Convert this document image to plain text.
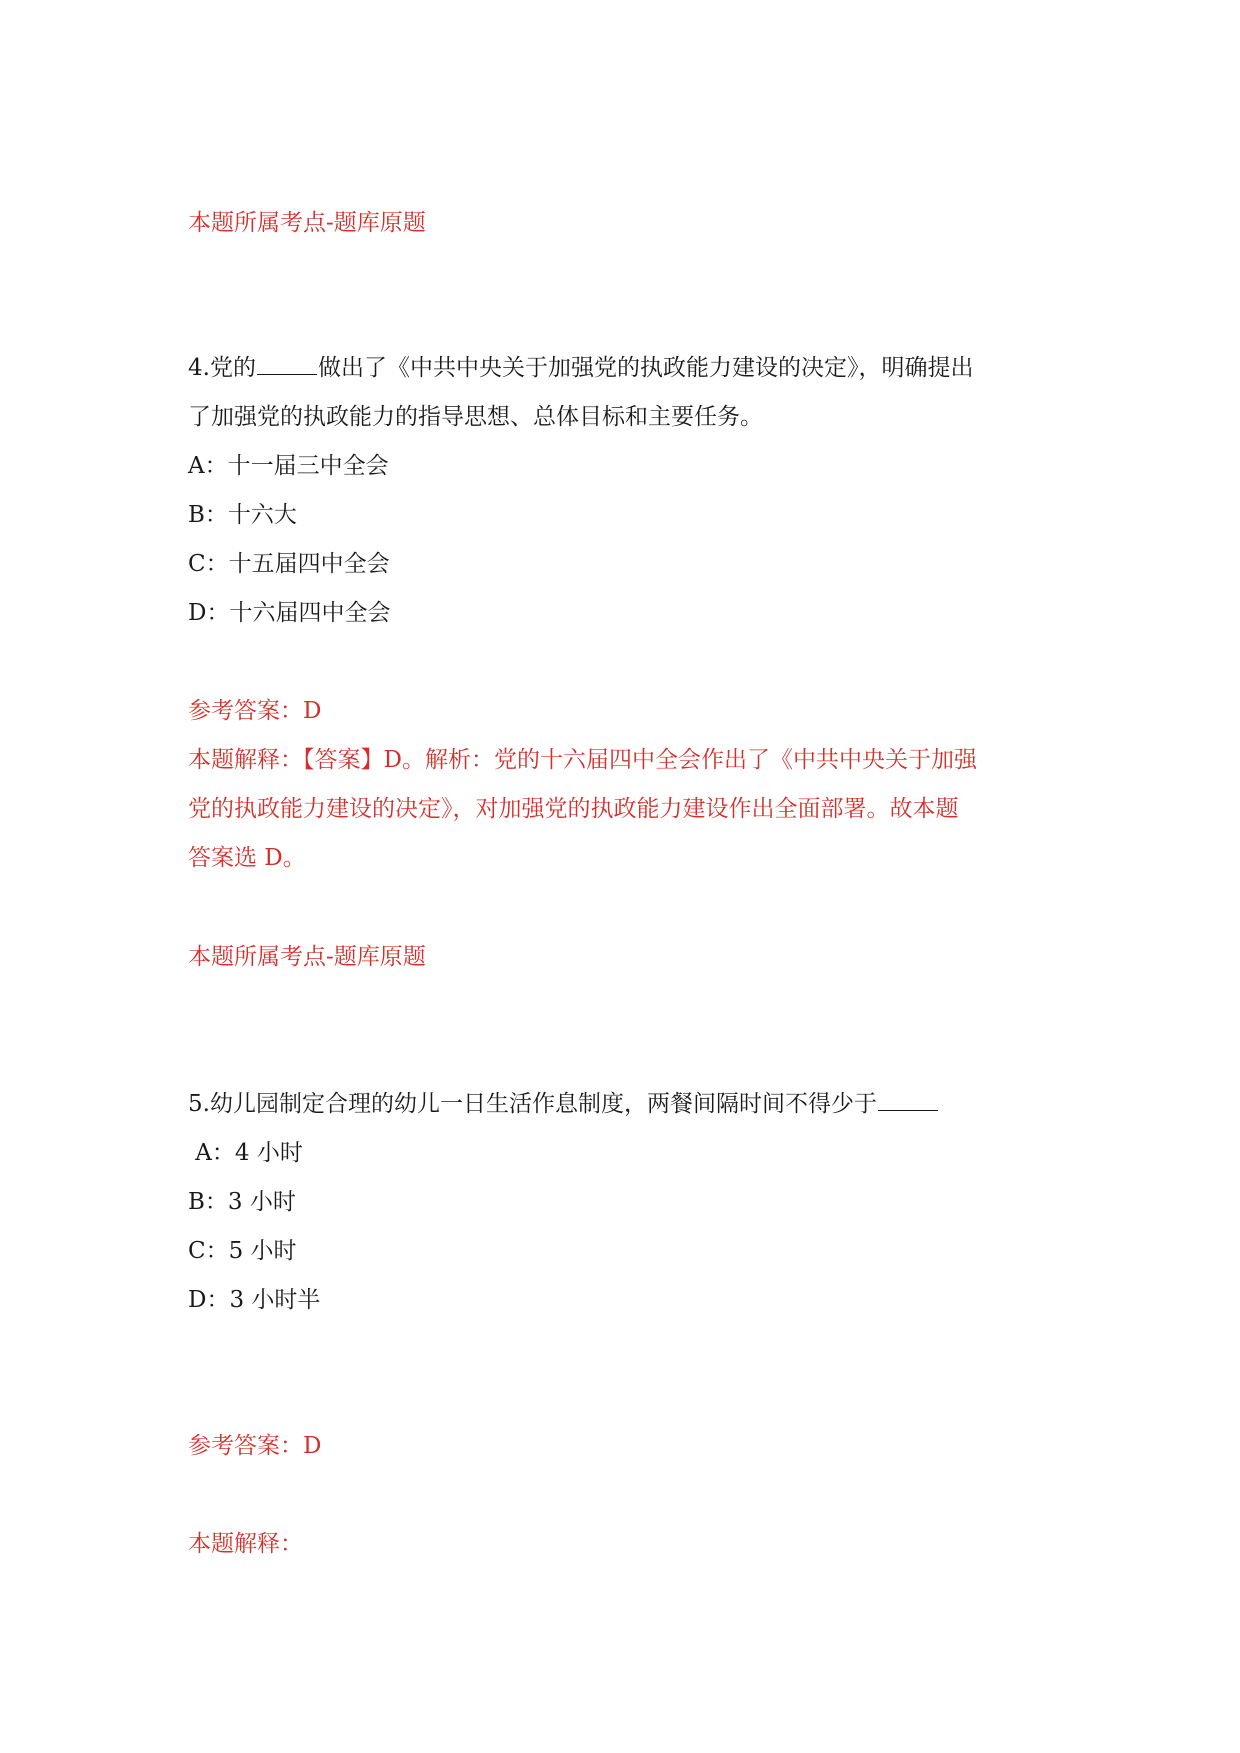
本题所属考点-题库原题
4.党的	做出了《中共中央关于加强党的执政能力建设的决定》，明确提出
了加强党的执政能力的指导思想、总体目标和主要任务。
A：十一届三中全会
B：十六大
C：十五届四中全会
D：十六届四中全会
参考答案：D
本题解释：【答案】D。解析：党的十六届四中全会作出了《中共中央关于加强
党的执政能力建设的决定》，对加强党的执政能力建设作出全面部署。故本题
答案选 D。
本题所属考点-题库原题
5.幼儿园制定合理的幼儿一日生活作息制度，两餐间隔时间不得少于
A：4 小时
B：3 小时
C：5 小时
D：3 小时半
参考答案：D
本题解释：
